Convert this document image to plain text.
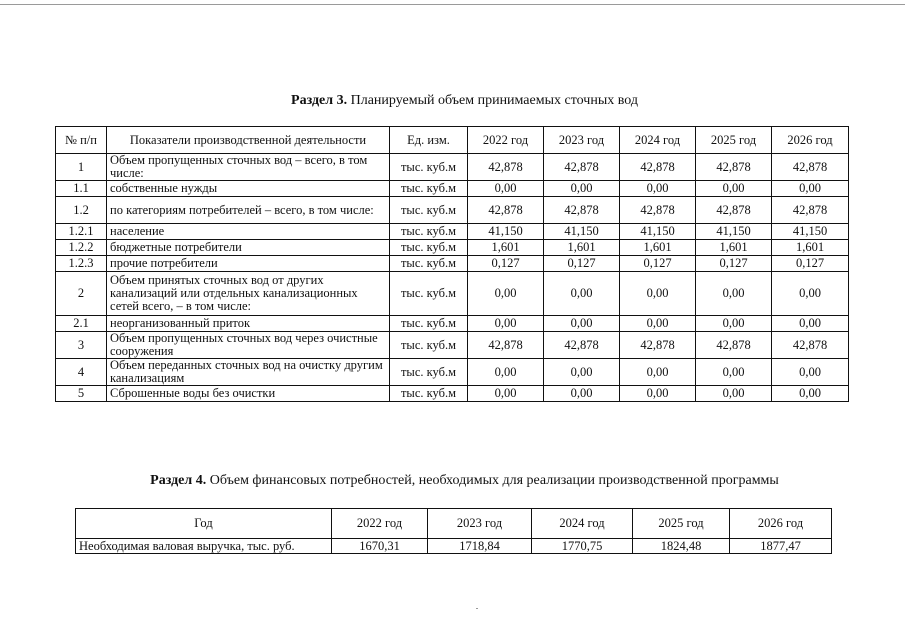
Раздел 3. Планируемый объем принимаемых сточных вод
№ п/п	Показатели производственной деятельности	Ед. изм.	2022 год	2023 год	2024 год	2025 год	2026 год
1	Объем пропущенных сточных вод – всего, в том числе:	тыс. куб.м	42,878	42,878	42,878	42,878	42,878
1.1	собственные нужды	тыс. куб.м	0,00	0,00	0,00	0,00	0,00
1.2	по категориям потребителей – всего, в том числе:	тыс. куб.м	42,878	42,878	42,878	42,878	42,878
1.2.1	население	тыс. куб.м	41,150	41,150	41,150	41,150	41,150
1.2.2	бюджетные потребители	тыс. куб.м	1,601	1,601	1,601	1,601	1,601
1.2.3	прочие потребители	тыс. куб.м	0,127	0,127	0,127	0,127	0,127
2	Объем принятых сточных вод от других канализаций или отдельных канализационных сетей всего, – в том числе:	тыс. куб.м	0,00	0,00	0,00	0,00	0,00
2.1	неорганизованный приток	тыс. куб.м	0,00	0,00	0,00	0,00	0,00
3	Объем пропущенных сточных вод через очистные сооружения	тыс. куб.м	42,878	42,878	42,878	42,878	42,878
4	Объем переданных сточных вод на очистку другим канализациям	тыс. куб.м	0,00	0,00	0,00	0,00	0,00
5	Сброшенные воды без очистки	тыс. куб.м	0,00	0,00	0,00	0,00	0,00
Раздел 4. Объем финансовых потребностей, необходимых для реализации производственной программы
Год	2022 год	2023 год	2024 год	2025 год	2026 год
Необходимая валовая выручка, тыс. руб.	1670,31	1718,84	1770,75	1824,48	1877,47
